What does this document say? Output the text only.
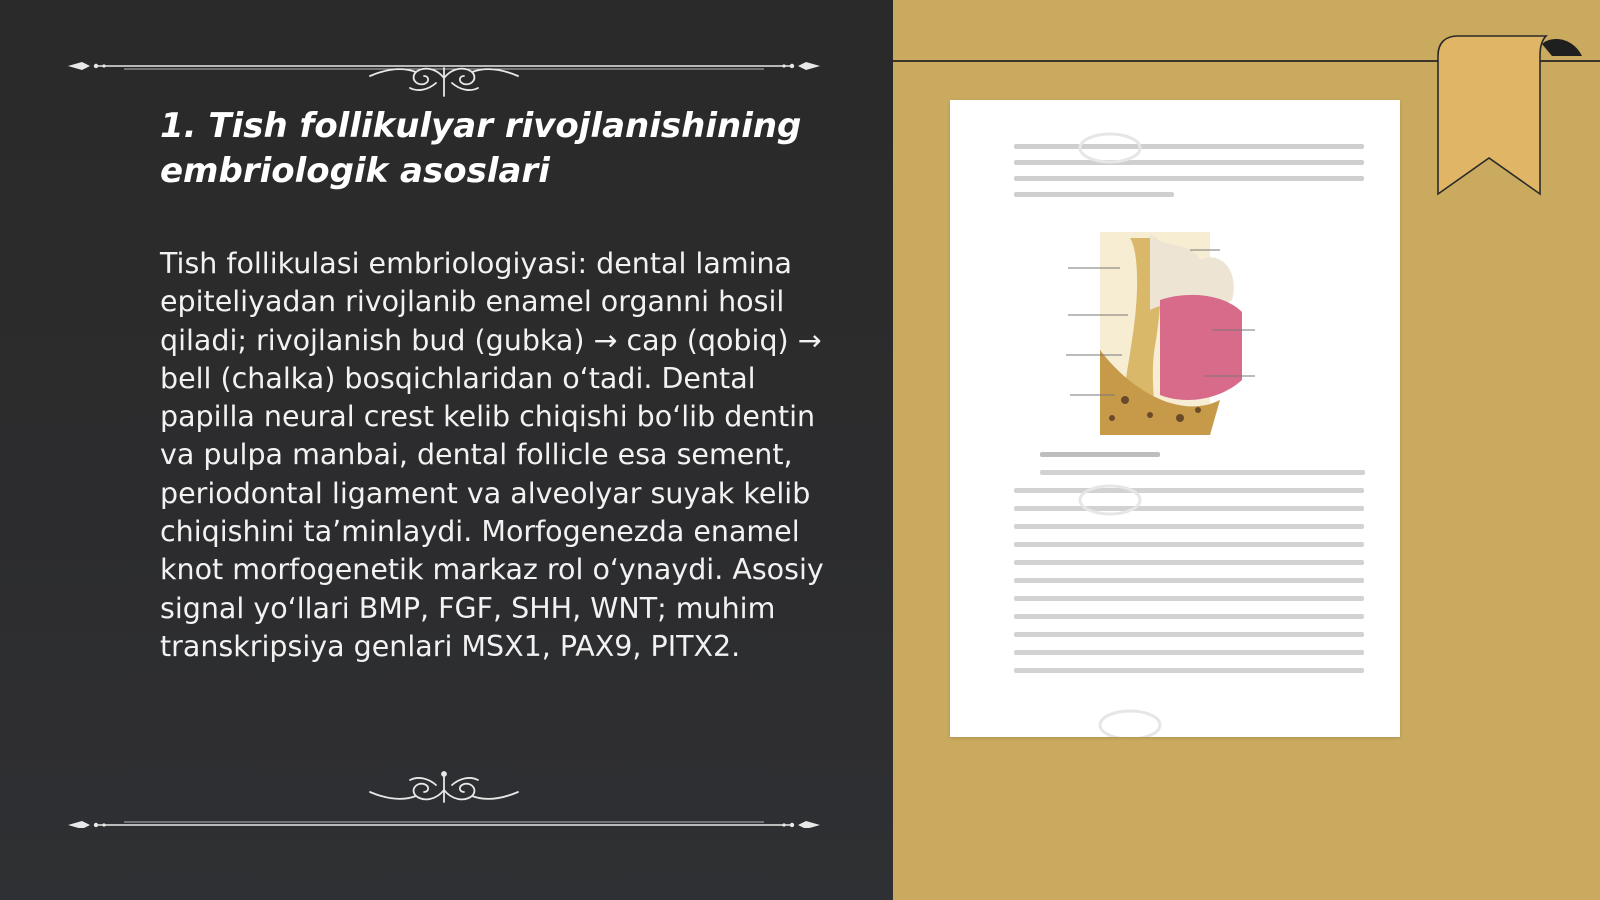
1. Tish follikulyar rivojlanishining embriologik asoslari

Tish follikulasi embriologiyasi: dental lamina epiteliyadan rivojlanib enamel organni hosil qiladi; rivojlanish bud (gubka) → cap (qobiq) → bell (chalka) bosqichlaridan oʻtadi. Dental papilla neural crest kelib chiqishi boʻlib dentin va pulpa manbai, dental follicle esa sement, periodontal ligament va alveolyar suyak kelib chiqishini taʼminlaydi. Morfogenezda enamel knot morfogenetik markaz rol oʻynaydi. Asosiy signal yoʻllari BMP, FGF, SHH, WNT; muhim transkripsiya genlari MSX1, PAX9, PITX2.
